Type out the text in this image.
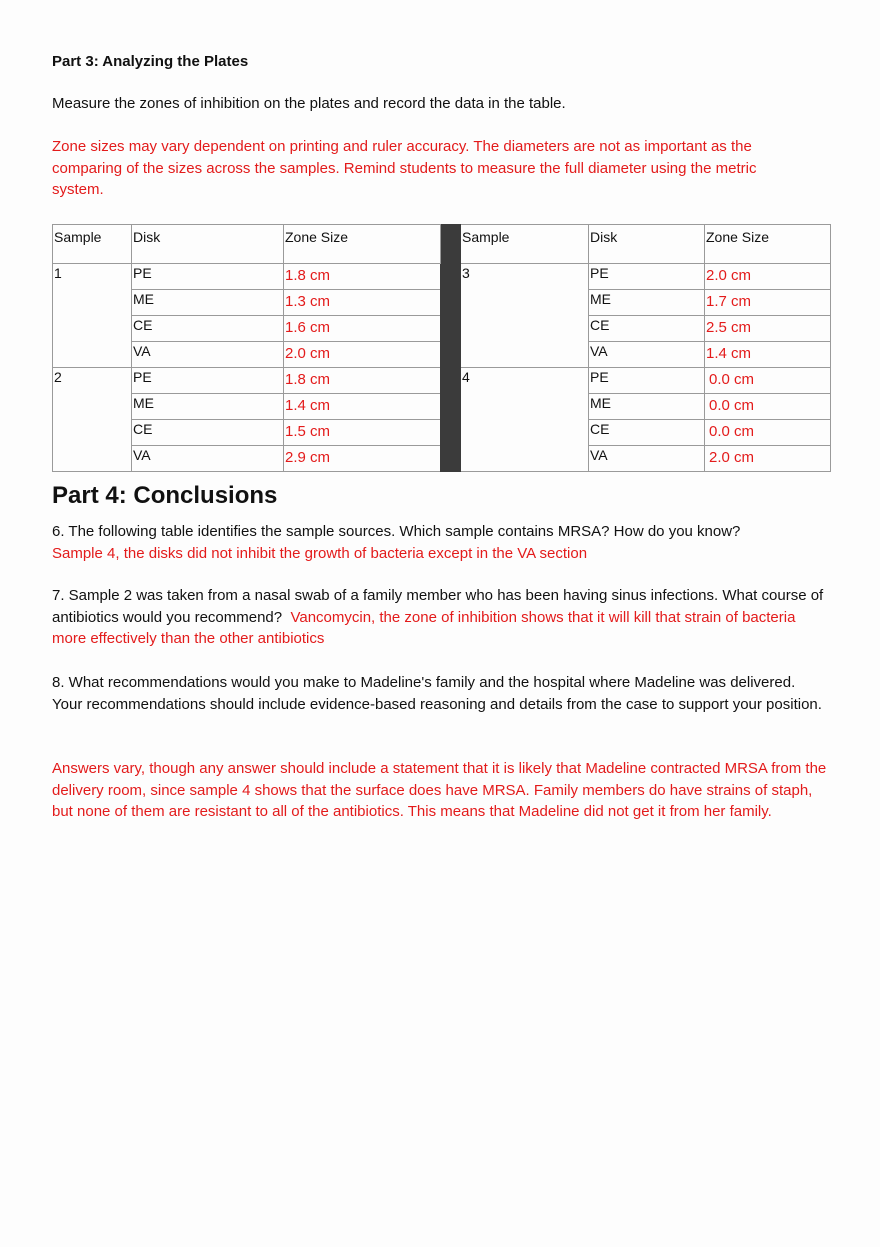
Part 3: Analyzing the Plates

Measure the zones of inhibition on the plates and record the data in the table.

Zone sizes may vary dependent on printing and ruler accuracy. The diameters are not as important as the comparing of the sizes across the samples. Remind students to measure the full diameter using the metric system.

Part 4: Conclusions

6. The following table identifies the sample sources. Which sample contains MRSA? How do you know?
Sample 4, the disks did not inhibit the growth of bacteria except in the VA section

7. Sample 2 was taken from a nasal swab of a family member who has been having sinus infections. What course of antibiotics would you recommend? Vancomycin, the zone of inhibition shows that it will kill that strain of bacteria more effectively than the other antibiotics

8. What recommendations would you make to Madeline's family and the hospital where Madeline was delivered. Your recommendations should include evidence-based reasoning and details from the case to support your position.

Answers vary, though any answer should include a statement that it is likely that Madeline contracted MRSA from the delivery room, since sample 4 shows that the surface does have MRSA. Family members do have strains of staph, but none of them are resistant to all of the antibiotics. This means that Madeline did not get it from her family.

Sample	Disk	Zone Size		Sample	Disk	Zone Size
1	PE	1.8 cm		3	PE	2.0 cm
	ME	1.3 cm			ME	1.7 cm
	CE	1.6 cm			CE	2.5 cm
	VA	2.0 cm			VA	1.4 cm
2	PE	1.8 cm		4	PE	0.0 cm
	ME	1.4 cm			ME	0.0 cm
	CE	1.5 cm			CE	0.0 cm
	VA	2.9 cm			VA	2.0 cm
